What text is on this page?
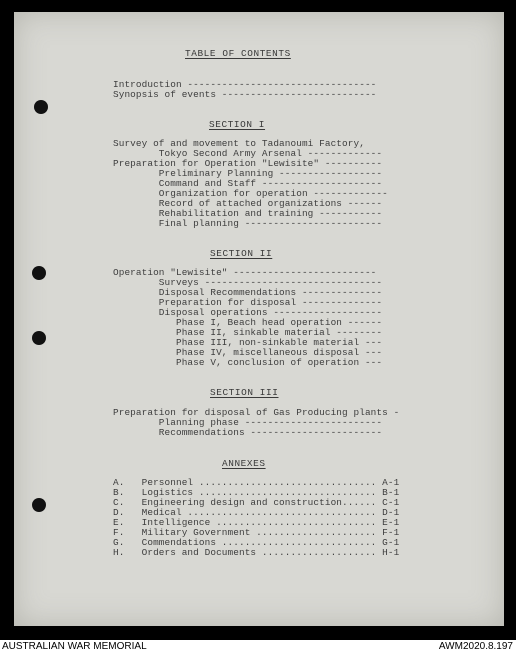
TABLE OF CONTENTS
Introduction ---------------------------------
Synopsis of events ---------------------------
SECTION I
Survey of and movement to Tadanoumi Factory,
Tokyo Second Army Arsenal -------------
Preparation for Operation "Lewisite" ----------
Preliminary Planning ------------------
Command and Staff ---------------------
Organization for operation -------------
Record of attached organizations ------
Rehabilitation and training -----------
Final planning ------------------------
SECTION II
Operation "Lewisite" -------------------------
Surveys -------------------------------
Disposal Recommendations --------------
Preparation for disposal --------------
Disposal operations -------------------
Phase I, Beach head operation ------
Phase II, sinkable material --------
Phase III, non-sinkable material ---
Phase IV, miscellaneous disposal ---
Phase V, conclusion of operation ---
SECTION III
Preparation for disposal of Gas Producing plants -
Planning phase ------------------------
Recommendations -----------------------
ANNEXES
A.   Personnel ............................... A-1
B.   Logistics ............................... B-1
C.   Engineering design and construction...... C-1
D.   Medical ................................. D-1
E.   Intelligence ............................ E-1
F.   Military Government ..................... F-1
G.   Commendations ........................... G-1
H.   Orders and Documents .................... H-1
AUSTRALIAN WAR MEMORIAL	AWM2020.8.197
